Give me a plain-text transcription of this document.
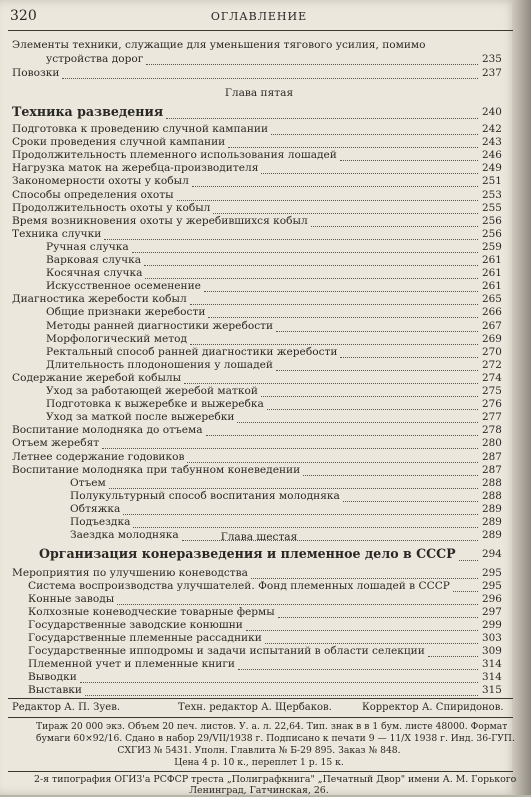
320	ОГЛАВЛЕНИЕ
Элементы техники, служащие для уменьшения тягового усилия, помимо
устройства дорог	235
Повозки	237
Глава пятая
Техника разведения	240
Подготовка к проведению случной кампании	242
Сроки проведения случной кампании	243
Продолжительность племенного использования лошадей	246
Нагрузка маток на жеребца-производителя	249
Закономерности охоты у кобыл	251
Способы определения охоты	253
Продолжительность охоты у кобыл	255
Время возникновения охоты у жеребившихся кобыл	256
Техника случки	256
Ручная случка	259
Варковая случка	261
Косячная случка	261
Искусственное осеменение	261
Диагностика жеребости кобыл	265
Общие признаки жеребости	266
Методы ранней диагностики жеребости	267
Морфологический метод	269
Ректальный способ ранней диагностики жеребости	270
Длительность плодоношения у лошадей	272
Содержание жеребой кобылы	274
Уход за работающей жеребой маткой	275
Подготовка к выжеребке и выжеребка	276
Уход за маткой после выжеребки	277
Воспитание молодняка до отъема	278
Отъем жеребят	280
Летнее содержание годовиков	287
Воспитание молодняка при табунном коневедении	287
Отъем	288
Полукультурный способ воспитания молодняка	288
Обтяжка	289
Подъездка	289
Заездка молодняка	289
Глава шестая
Организация конеразведения и племенное дело в СССР	294
Мероприятия по улучшению коневодства	295
Система воспроизводства улучшателей. Фонд племенных лошадей в СССР	295
Конные заводы	296
Колхозные коневодческие товарные фермы	297
Государственные заводские конюшни	299
Государственные племенные рассадники	303
Государственные ипподромы и задачи испытаний в области селекции	309
Племенной учет и племенные книги	314
Выводки	314
Выставки	315
Редактор А. П. Зуев.	Техн. редактор А. Щербаков.	Корректор А. Спиридонов.
Тираж 20 000 экз. Объем 20 печ. листов. У. а. л. 22,64. Тип. знак в в 1 бум. листе 48000. Формат
бумаги 60×92/16. Сдано в набор 29/VII/1938 г. Подписано к печати 9 — 11/X 1938 г. Инд. 36-ГУП.
СХГИЗ № 5431. Уполн. Главлита № Б-29 895. Заказ № 848.
Цена 4 р. 10 к., переплет 1 р. 15 к.
2-я типография ОГИЗ'а РСФСР треста „Полиграфкнига" „Печатный Двор" имени А. М. Горького
Ленинград, Гатчинская, 26.
